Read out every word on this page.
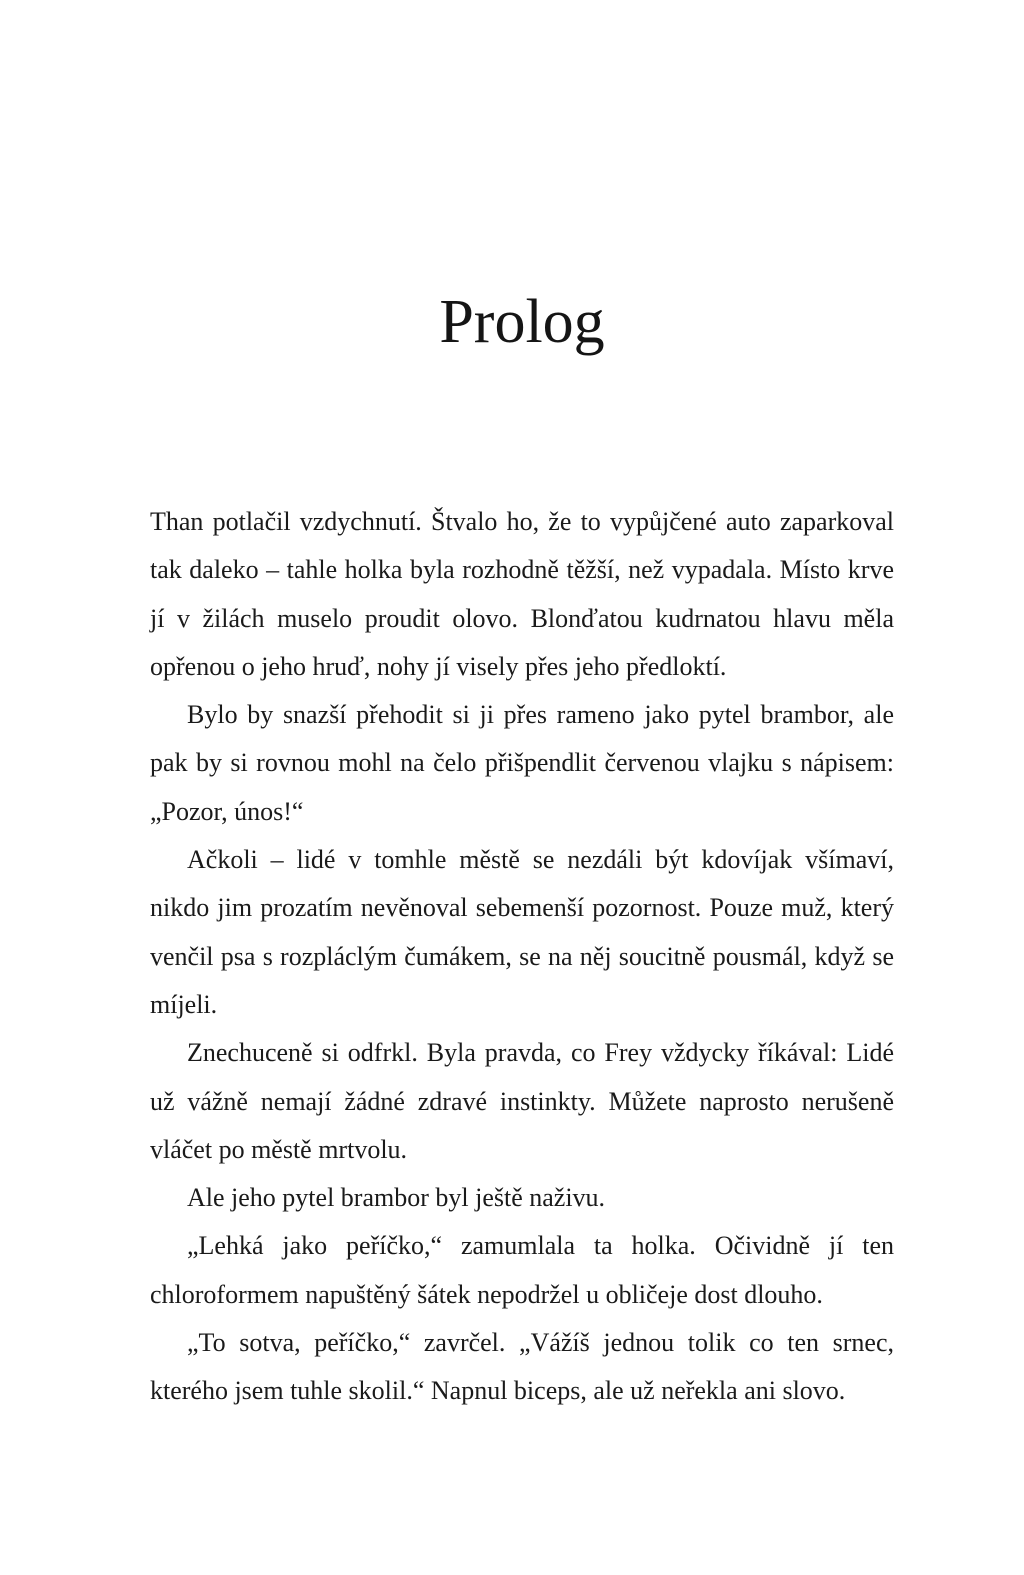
Prolog

Than potlačil vzdychnutí. Štvalo ho, že to vypůjčené auto zaparkoval tak daleko – tahle holka byla rozhodně těžší, než vypadala. Místo krve jí v žilách muselo proudit olovo. Blonďatou kudrnatou hlavu měla opřenou o jeho hruď, nohy jí visely přes jeho předloktí.

Bylo by snazší přehodit si ji přes rameno jako pytel brambor, ale pak by si rovnou mohl na čelo přišpendlit červenou vlajku s nápisem: „Pozor, únos!“

Ačkoli – lidé v tomhle městě se nezdáli být kdovíjak všímaví, nikdo jim prozatím nevěnoval sebemenší pozornost. Pouze muž, který venčil psa s rozpláclým čumákem, se na něj soucitně pousmál, když se míjeli.

Znechuceně si odfrkl. Byla pravda, co Frey vždycky říkával: Lidé už vážně nemají žádné zdravé instinkty. Můžete naprosto nerušeně vláčet po městě mrtvolu.

Ale jeho pytel brambor byl ještě naživu.

„Lehká jako peříčko,“ zamumlala ta holka. Očividně jí ten chloroformem napuštěný šátek nepodržel u obličeje dost dlouho.

„To sotva, peříčko,“ zavrčel. „Vážíš jednou tolik co ten srnec, kterého jsem tuhle skolil.“ Napnul biceps, ale už neřekla ani slovo.
